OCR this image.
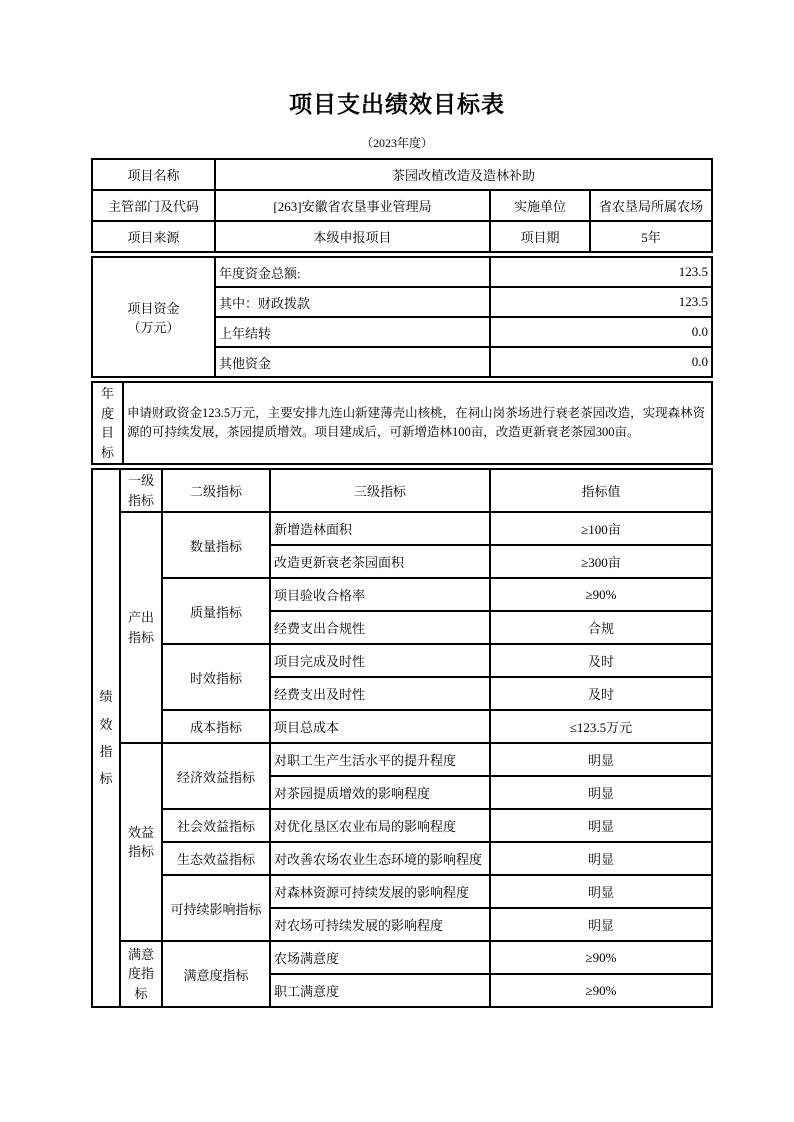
项目支出绩效目标表
（2023年度）
项目名称	茶园改植改造及造林补助		
主管部门及代码	[263]安徽省农垦事业管理局	实施单位	省农垦局所属农场
项目来源	本级申报项目	项目期	5年
项目资金
（万元）	年度资金总额:	123.5
	其中：财政拨款	123.5
	上年结转	0.0
	其他资金	0.0
年度目标	申请财政资金123.5万元，主要安排九连山新建薄壳山核桃，在祠山岗茶场进行衰老茶园改造，实现森林资源的可持续发展，茶园提质增效。项目建成后，可新增造林100亩，改造更新衰老茶园300亩。
绩效指标	一级指标	二级指标	三级指标	指标值
	产出指标	数量指标	新增造林面积	≥100亩
			改造更新衰老茶园面积	≥300亩
		质量指标	项目验收合格率	≥90%
			经费支出合规性	合规
		时效指标	项目完成及时性	及时
			经费支出及时性	及时
		成本指标	项目总成本	≤123.5万元
	效益指标	经济效益指标	对职工生产生活水平的提升程度	明显
			对茶园提质增效的影响程度	明显
		社会效益指标	对优化垦区农业布局的影响程度	明显
		生态效益指标	对改善农场农业生态环境的影响程度	明显
		可持续影响指标	对森林资源可持续发展的影响程度	明显
			对农场可持续发展的影响程度	明显
	满意度指标	满意度指标	农场满意度	≥90%
			职工满意度	≥90%
